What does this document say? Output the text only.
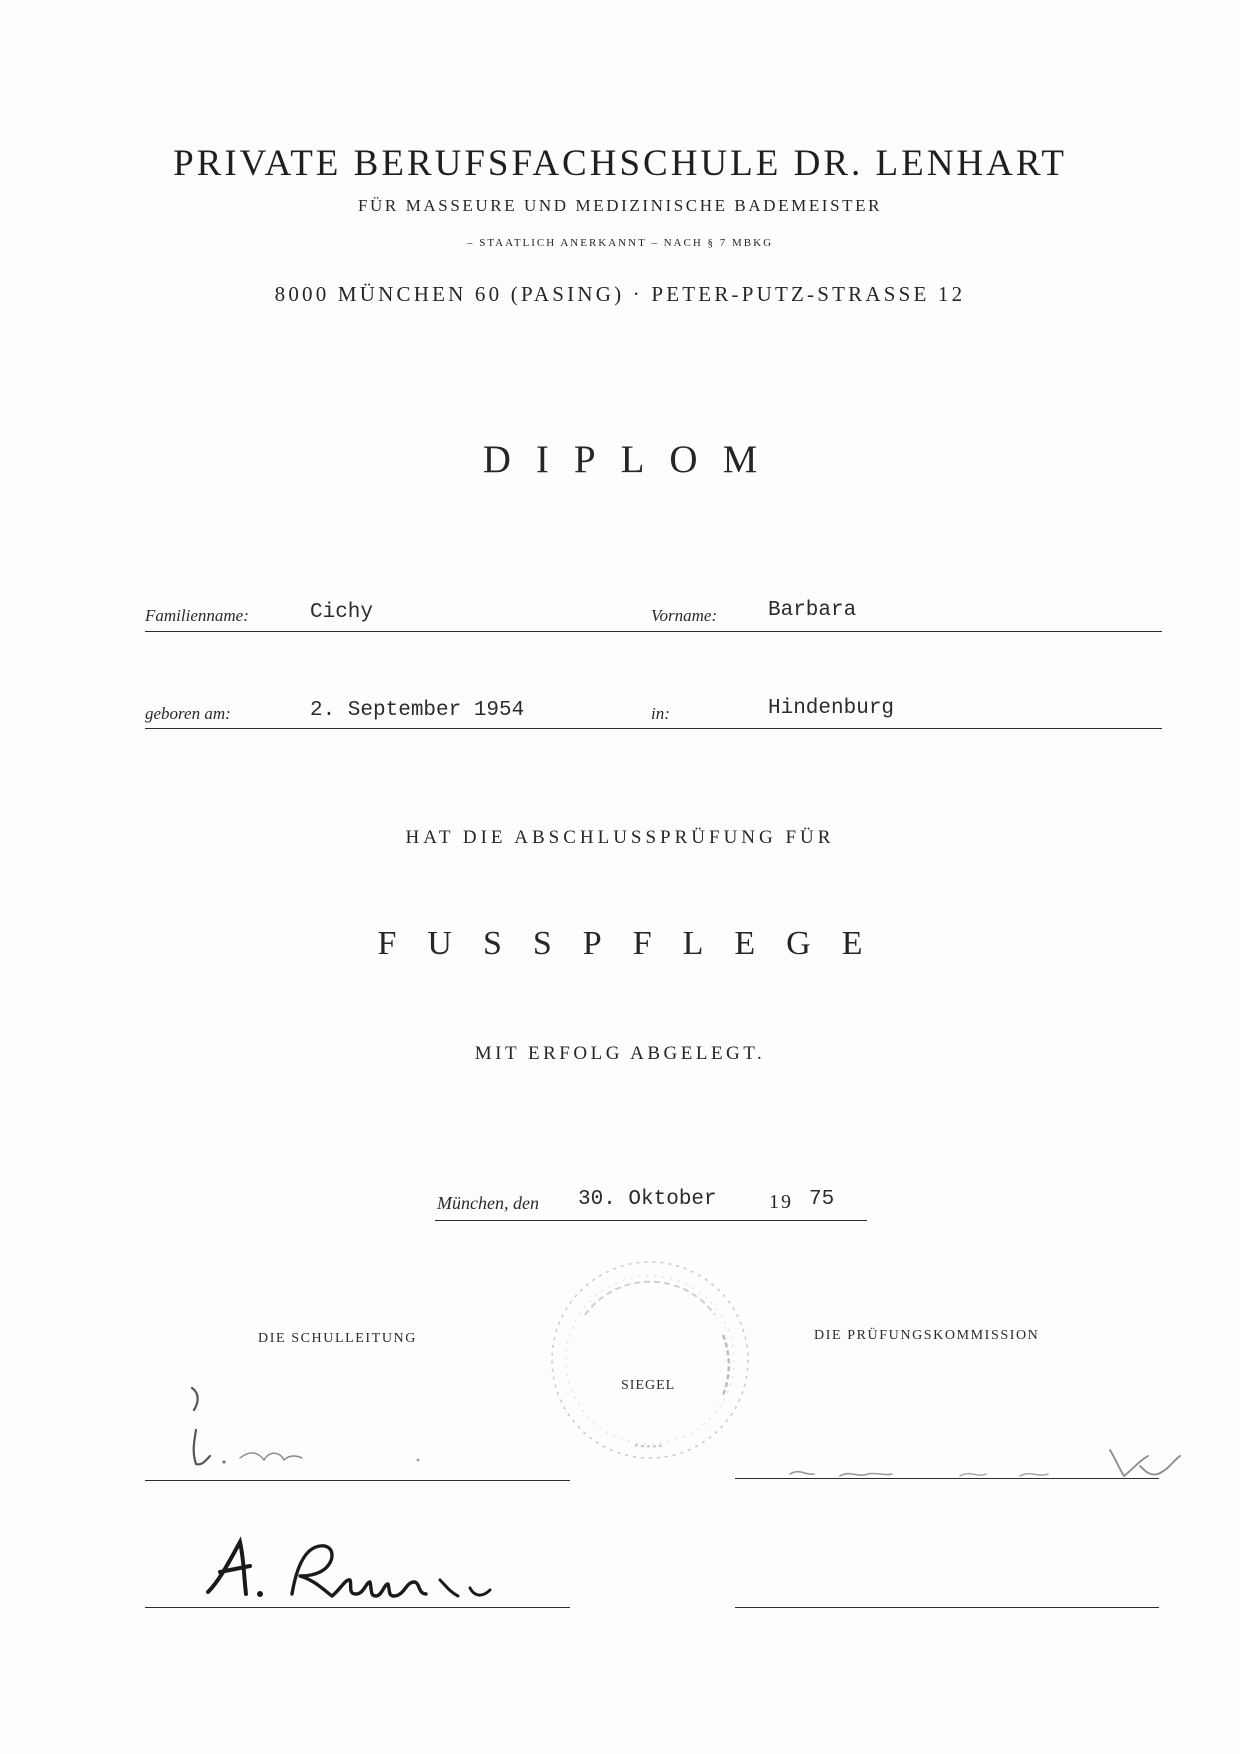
PRIVATE BERUFSFACHSCHULE DR. LENHART
FÜR MASSEURE UND MEDIZINISCHE BADEMEISTER
– STAATLICH ANERKANNT – NACH § 7 MBKG
8000 MÜNCHEN 60 (PASING) · PETER-PUTZ-STRASSE 12
DIPLOM
Familienname:	Cichy	Vorname: Barbara
geboren am:	2. September 1954	in:	Hindenburg
HAT DIE ABSCHLUSSPRÜFUNG FÜR
FUSSPFLEGE
MIT ERFOLG ABGELEGT.
München, den 30. Oktober	19 75
DIE SCHULLEITUNG	DIE PRÜFUNGSKOMMISSION
SIEGEL
